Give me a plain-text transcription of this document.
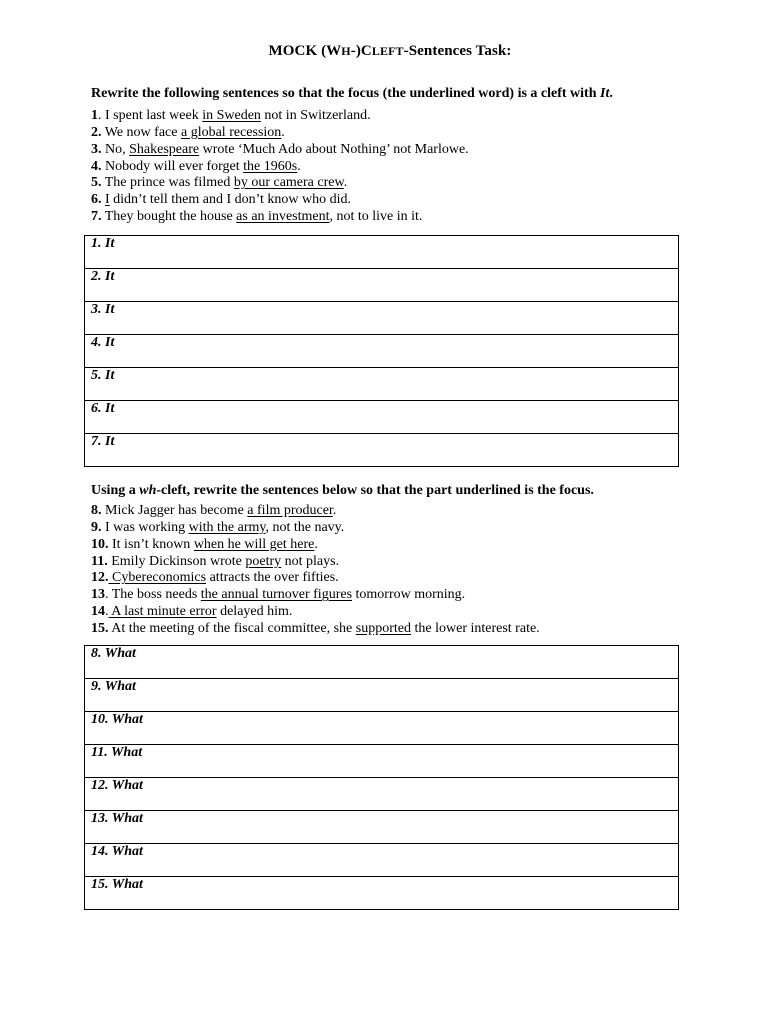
MOCK (WH-)CLEFT-Sentences Task:
Rewrite the following sentences so that the focus (the underlined word) is a cleft with It.
1. I spent last week in Sweden not in Switzerland.
2. We now face a global recession.
3. No, Shakespeare wrote ‘Much Ado about Nothing’ not Marlowe.
4. Nobody will ever forget the 1960s.
5. The prince was filmed by our camera crew.
6. I didn’t tell them and I don’t know who did.
7. They bought the house as an investment, not to live in it.
1. It
2. It
3. It
4. It
5. It
6. It
7. It
Using a wh-cleft, rewrite the sentences below so that the part underlined is the focus.
8. Mick Jagger has become a film producer.
9. I was working with the army, not the navy.
10. It isn’t known when he will get here.
11. Emily Dickinson wrote poetry not plays.
12. Cybereconomics attracts the over fifties.
13. The boss needs the annual turnover figures tomorrow morning.
14. A last minute error delayed him.
15. At the meeting of the fiscal committee, she supported the lower interest rate.
8. What
9. What
10. What
11. What
12. What
13. What
14. What
15. What
